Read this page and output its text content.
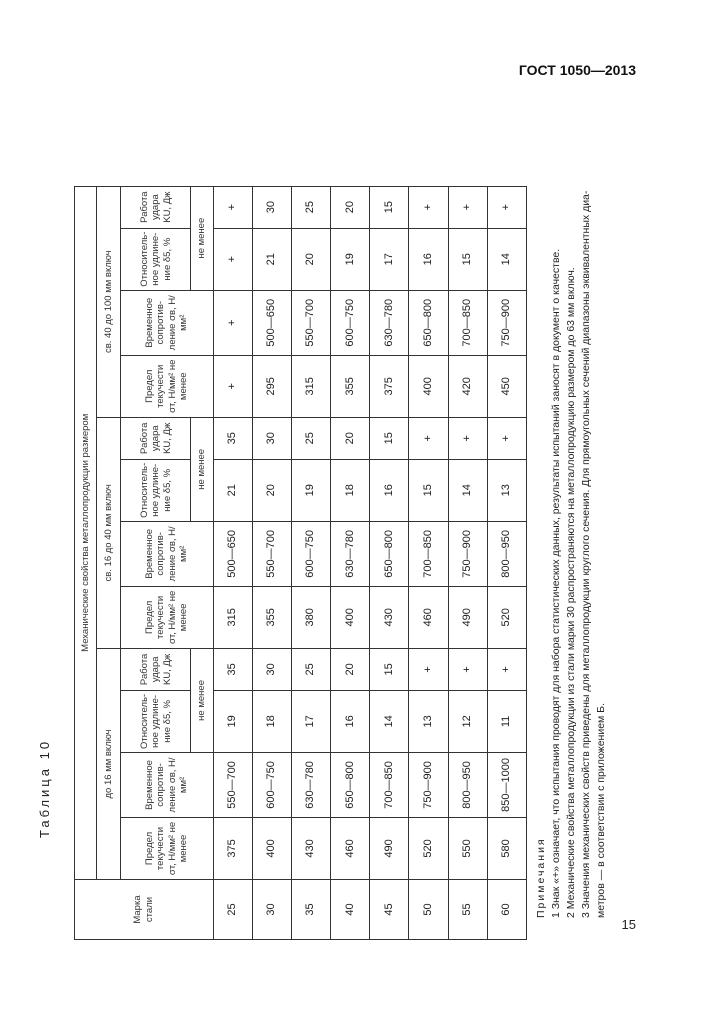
ГОСТ 1050—2013
Таблица 10
Марка стали	Механические свойства металлопродукции размером												
	до 16 мм включ				св. 16 до 40 мм включ				св. 40 до 100 мм включ				
	Предел текучести σт, Н/мм² не менее	Временное сопротив-ление σв, Н/мм²	Относитель-ное удлине-ние δ5, %	Работа удара KU, Дж	Предел текучести σт, Н/мм² не менее	Временное сопротив-ление σв, Н/мм²	Относитель-ное удлине-ние δ5, %	Работа удара KU, Дж	Предел текучести σт, Н/мм² не менее	Временное сопротив-ление σв, Н/мм²	Относитель-ное удлине-ние δ5, %	Работа удара KU, Дж	
			не менее				не менее				не менее		
25	375	550—700	19	35	315	500—650	21	35	+	+	+	+	
30	400	600—750	18	30	355	550—700	20	30	295	500—650	21	30	
35	430	630—780	17	25	380	600—750	19	25	315	550—700	20	25	
40	460	650—800	16	20	400	630—780	18	20	355	600—750	19	20	
45	490	700—850	14	15	430	650—800	16	15	375	630—780	17	15	
50	520	750—900	13	+	460	700—850	15	+	400	650—800	16	+	
55	550	800—950	12	+	490	750—900	14	+	420	700—850	15	+	
60	580	850—1000	11	+	520	800—950	13	+	450	750—900	14	+	
Примечания 1 Знак «+» означает, что испытания проводят для набора статистических данных, результаты испытаний заносят в документ о качестве. 2 Механические свойства металлопродукции из стали марки 30 распространяются на металлопродукцию размером до 63 мм включ. 3 Значения механических свойств приведены для металлопродукции круглого сечения. Для прямоугольных сечений диапазоны эквивалентных диа- метров — в соответствии с приложением Б.
15
